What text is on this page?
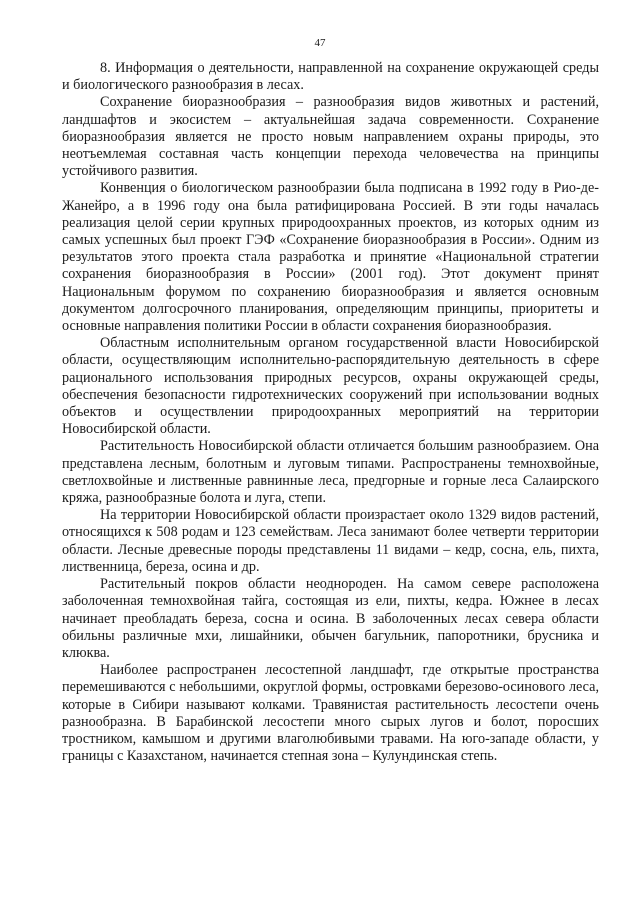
47

8. Информация о деятельности, направленной на сохранение окружающей среды и биологического разнообразия в лесах.

Сохранение биоразнообразия – разнообразия видов животных и растений, ландшафтов и экосистем – актуальнейшая задача современности. Сохранение биоразнообразия является не просто новым направлением охраны природы, это неотъемлемая составная часть концепции перехода человечества на принципы устойчивого развития.

Конвенция о биологическом разнообразии была подписана в 1992 году в Рио-де-Жанейро, а в 1996 году она была ратифицирована Россией. В эти годы началась реализация целой серии крупных природоохранных проектов, из которых одним из самых успешных был проект ГЭФ «Сохранение биоразнообразия в России». Одним из результатов этого проекта стала разработка и принятие «Национальной стратегии сохранения биоразнообразия в России» (2001 год). Этот документ принят Национальным форумом по сохранению биоразнообразия и является основным документом долгосрочного планирования, определяющим принципы, приоритеты и основные направления политики России в области сохранения биоразнообразия.

Областным исполнительным органом государственной власти Новосибирской области, осуществляющим исполнительно-распорядительную деятельность в сфере рационального использования природных ресурсов, охраны окружающей среды, обеспечения безопасности гидротехнических сооружений при использовании водных объектов и осуществлении природоохранных мероприятий на территории Новосибирской области.

Растительность Новосибирской области отличается большим разнообразием. Она представлена лесным, болотным и луговым типами. Распространены темнохвойные, светлохвойные и лиственные равнинные леса, предгорные и горные леса Салаирского кряжа, разнообразные болота и луга, степи.

На территории Новосибирской области произрастает около 1329 видов растений, относящихся к 508 родам и 123 семействам. Леса занимают более четверти территории области. Лесные древесные породы представлены 11 видами – кедр, сосна, ель, пихта, лиственница, береза, осина и др.

Растительный покров области неоднороден. На самом севере расположена заболоченная темнохвойная тайга, состоящая из ели, пихты, кедра. Южнее в лесах начинает преобладать береза, сосна и осина. В заболоченных лесах севера области обильны различные мхи, лишайники, обычен багульник, папоротники, брусника и клюква.

Наиболее распространен лесостепной ландшафт, где открытые пространства перемешиваются с небольшими, округлой формы, островками березово-осинового леса, которые в Сибири называют колками. Травянистая растительность лесостепи очень разнообразна. В Барабинской лесостепи много сырых лугов и болот, поросших тростником, камышом и другими влаголюбивыми травами. На юго-западе области, у границы с Казахстаном, начинается степная зона – Кулундинская степь.
